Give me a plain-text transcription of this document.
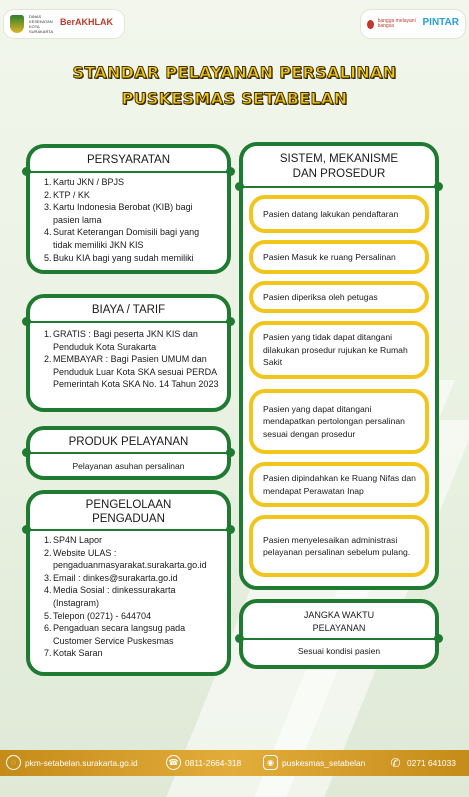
DINAS KESEHATAN KOTA SURAKARTA
BerAKHLAK
	bangga melayani bangsa	PINTAR

STANDAR PELAYANAN PERSALINAN
PUSKESMAS SETABELAN
PERSYARATAN
1. Kartu JKN / BPJS
2. KTP / KK
3. Kartu Indonesia Berobat (KIB) bagi pasien lama
4. Surat Keterangan Domisili bagi yang tidak memiliki JKN KIS
5. Buku KIA bagi yang sudah memiliki
BIAYA / TARIF
1. GRATIS : Bagi peserta JKN KIS dan Penduduk Kota Surakarta
2. MEMBAYAR : Bagi Pasien UMUM dan Penduduk Luar Kota SKA sesuai PERDA Pemerintah Kota SKA No. 14 Tahun 2023
PRODUK PELAYANAN
Pelayanan asuhan persalinan
PENGELOLAAN
PENGADUAN
1. SP4N Lapor
2. Website ULAS : pengaduanmasyarakat.surakarta.go.id
3. Email : dinkes@surakarta.go.id
4. Media Sosial : dinkessurakarta (Instagram)
5. Telepon (0271) - 644704
6. Pengaduan secara langsug pada Customer Service Puskesmas
7. Kotak Saran
SISTEM, MEKANISME
DAN PROSEDUR
Pasien datang lakukan pendaftaran
Pasien Masuk ke ruang Persalinan
Pasien diperiksa oleh petugas
Pasien yang tidak dapat ditangani dilakukan prosedur rujukan ke Rumah Sakit
Pasien yang dapat ditangani mendapatkan pertolongan persalinan sesuai dengan prosedur
Pasien dipindahkan ke Ruang Nifas dan mendapat Perawatan Inap
Pasien menyelesaikan administrasi pelayanan persalinan sebelum pulang.
JANGKA WAKTU
PELAYANAN
Sesuai kondisi pasien
◌	pkm-setabelan.surakarta.go.id	☎ 0811-2664-318	◉ puskesmas_setabelan ✆ 0271 641033
